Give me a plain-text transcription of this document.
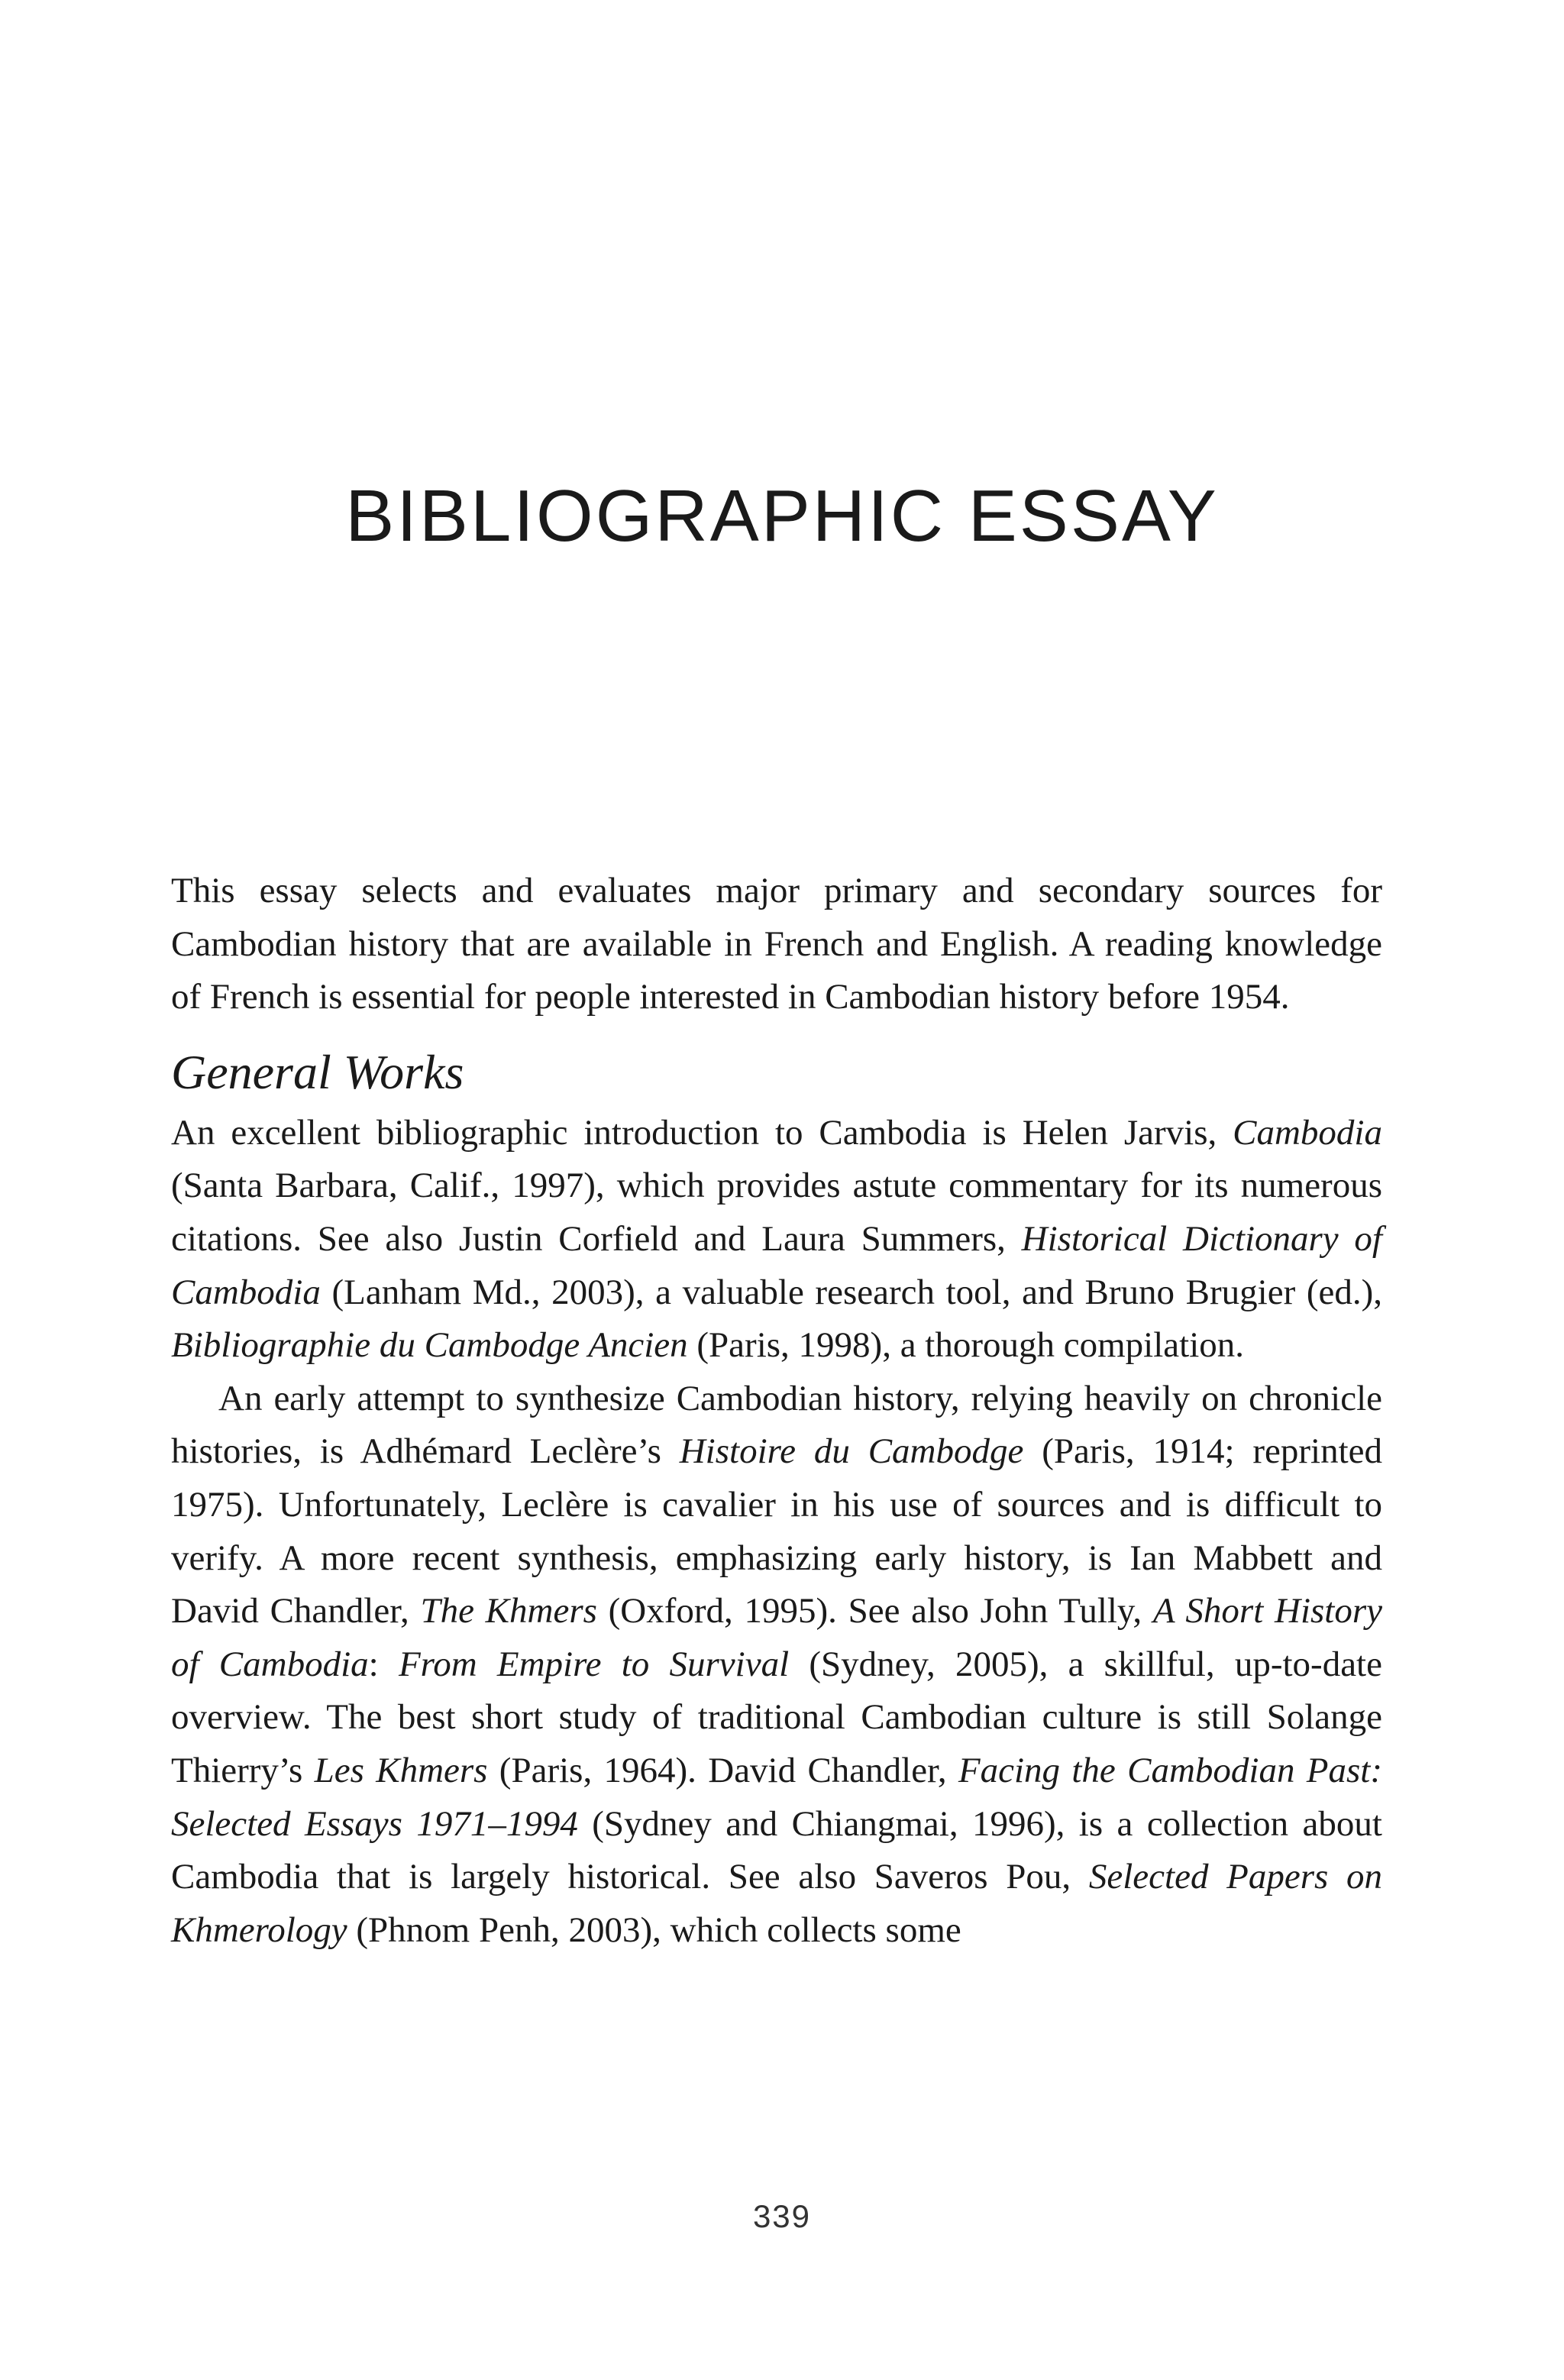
BIBLIOGRAPHIC ESSAY

This essay selects and evaluates major primary and secondary sources for Cambodian history that are available in French and English. A reading knowledge of French is essential for people interested in Cambodian history before 1954.

General Works

An excellent bibliographic introduction to Cambodia is Helen Jarvis, Cambodia (Santa Barbara, Calif., 1997), which provides astute commentary for its numerous citations. See also Justin Corfield and Laura Summers, Historical Dictionary of Cambodia (Lanham Md., 2003), a valuable research tool, and Bruno Brugier (ed.), Bibliographie du Cambodge Ancien (Paris, 1998), a thorough compilation.

An early attempt to synthesize Cambodian history, relying heavily on chronicle histories, is Adhémard Leclère’s Histoire du Cambodge (Paris, 1914; reprinted 1975). Unfortunately, Leclère is cavalier in his use of sources and is difficult to verify. A more recent synthesis, emphasizing early history, is Ian Mabbett and David Chandler, The Khmers (Oxford, 1995). See also John Tully, A Short History of Cambodia: From Empire to Survival (Sydney, 2005), a skillful, up-to-date overview. The best short study of traditional Cambodian culture is still Solange Thierry’s Les Khmers (Paris, 1964). David Chandler, Facing the Cambodian Past: Selected Essays 1971–1994 (Sydney and Chiangmai, 1996), is a collection about Cambodia that is largely historical. See also Saveros Pou, Selected Papers on Khmerology (Phnom Penh, 2003), which collects some

339
